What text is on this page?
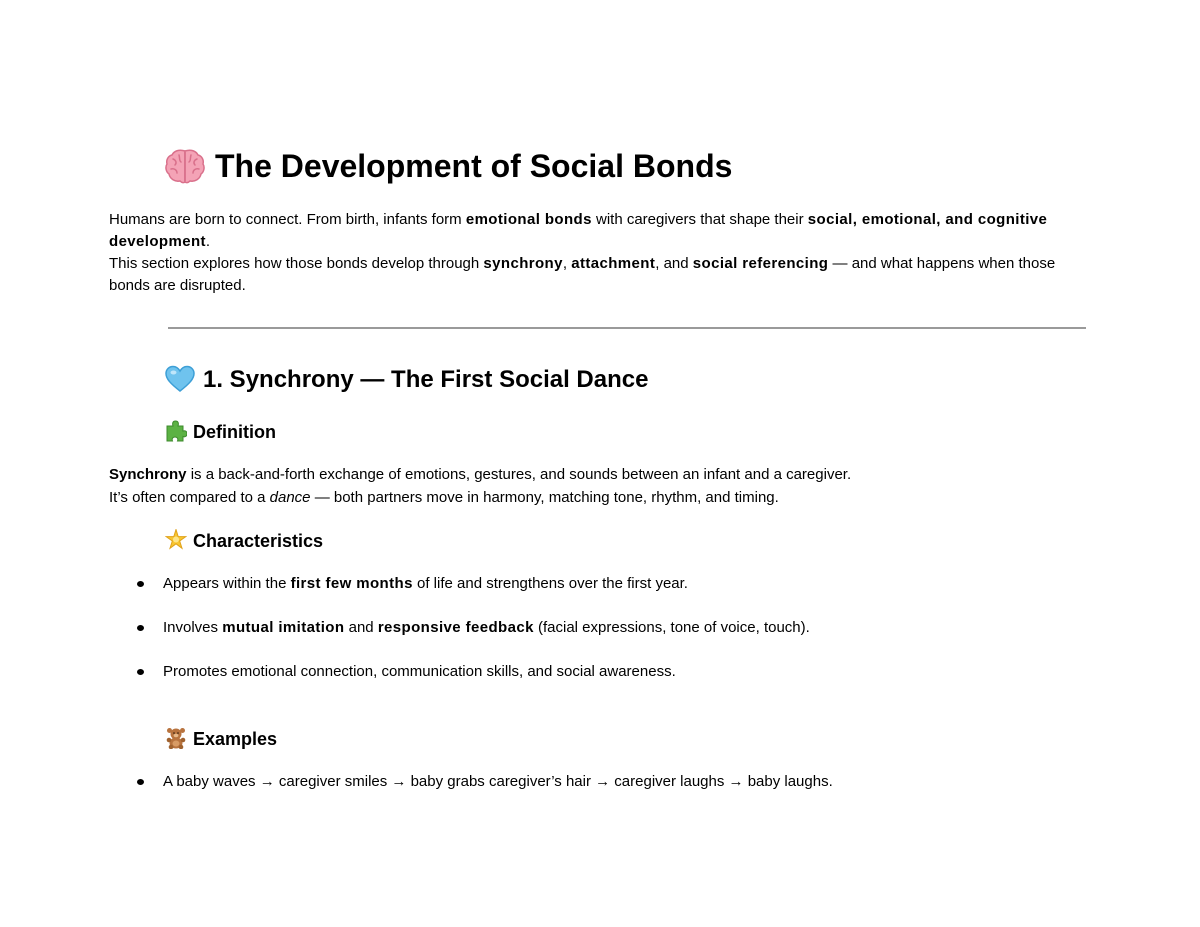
The Development of Social Bonds

Humans are born to connect. From birth, infants form emotional bonds with caregivers that shape their social, emotional, and cognitive development.
This section explores how those bonds develop through synchrony, attachment, and social referencing — and what happens when those bonds are disrupted.

1. Synchrony — The First Social Dance
Definition

Synchrony is a back-and-forth exchange of emotions, gestures, and sounds between an infant and a caregiver.
It’s often compared to a dance — both partners move in harmony, matching tone, rhythm, and timing.

Characteristics
Appears within the first few months of life and strengthens over the first year.
Involves mutual imitation and responsive feedback (facial expressions, tone of voice, touch).
Promotes emotional connection, communication skills, and social awareness.
Examples
A baby waves → caregiver smiles → baby grabs caregiver’s hair → caregiver laughs → baby laughs.
